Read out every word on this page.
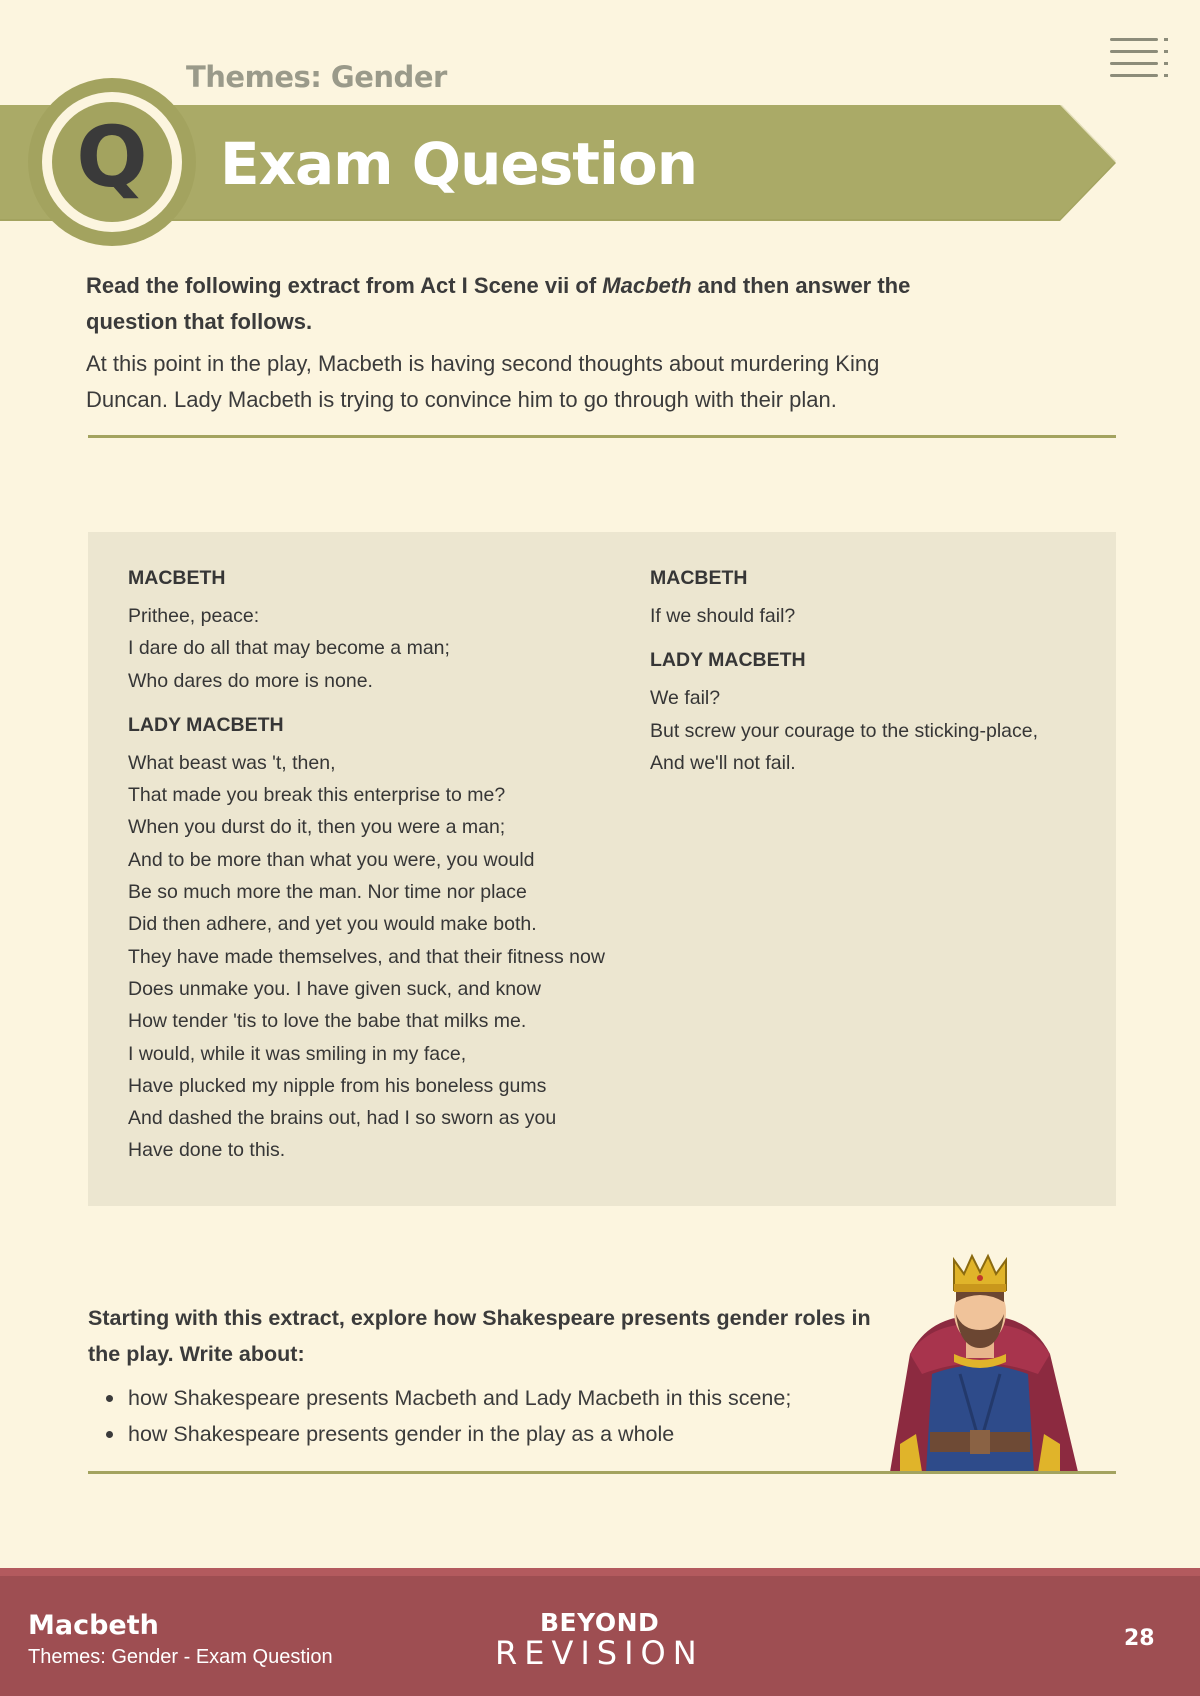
Themes: Gender
Q Exam Question

Read the following extract from Act I Scene vii of Macbeth and then answer the question that follows.

At this point in the play, Macbeth is having second thoughts about murdering King Duncan. Lady Macbeth is trying to convince him to go through with their plan.

MACBETH

Prithee, peace:

I dare do all that may become a man;

Who dares do more is none.

LADY MACBETH

What beast was 't, then,

That made you break this enterprise to me?

When you durst do it, then you were a man;

And to be more than what you were, you would

Be so much more the man. Nor time nor place

Did then adhere, and yet you would make both.

They have made themselves, and that their fitness now

Does unmake you. I have given suck, and know

How tender 'tis to love the babe that milks me.

I would, while it was smiling in my face,

Have plucked my nipple from his boneless gums

And dashed the brains out, had I so sworn as you

Have done to this.

MACBETH

If we should fail?

LADY MACBETH

We fail?

But screw your courage to the sticking-place,

And we'll not fail.

Starting with this extract, explore how Shakespeare presents gender roles in the play. Write about:

how Shakespeare presents Macbeth and Lady Macbeth in this scene;
how Shakespeare presents gender in the play as a whole
Macbeth
Themes: Gender - Exam Question
BEYOND
REVISION	28
